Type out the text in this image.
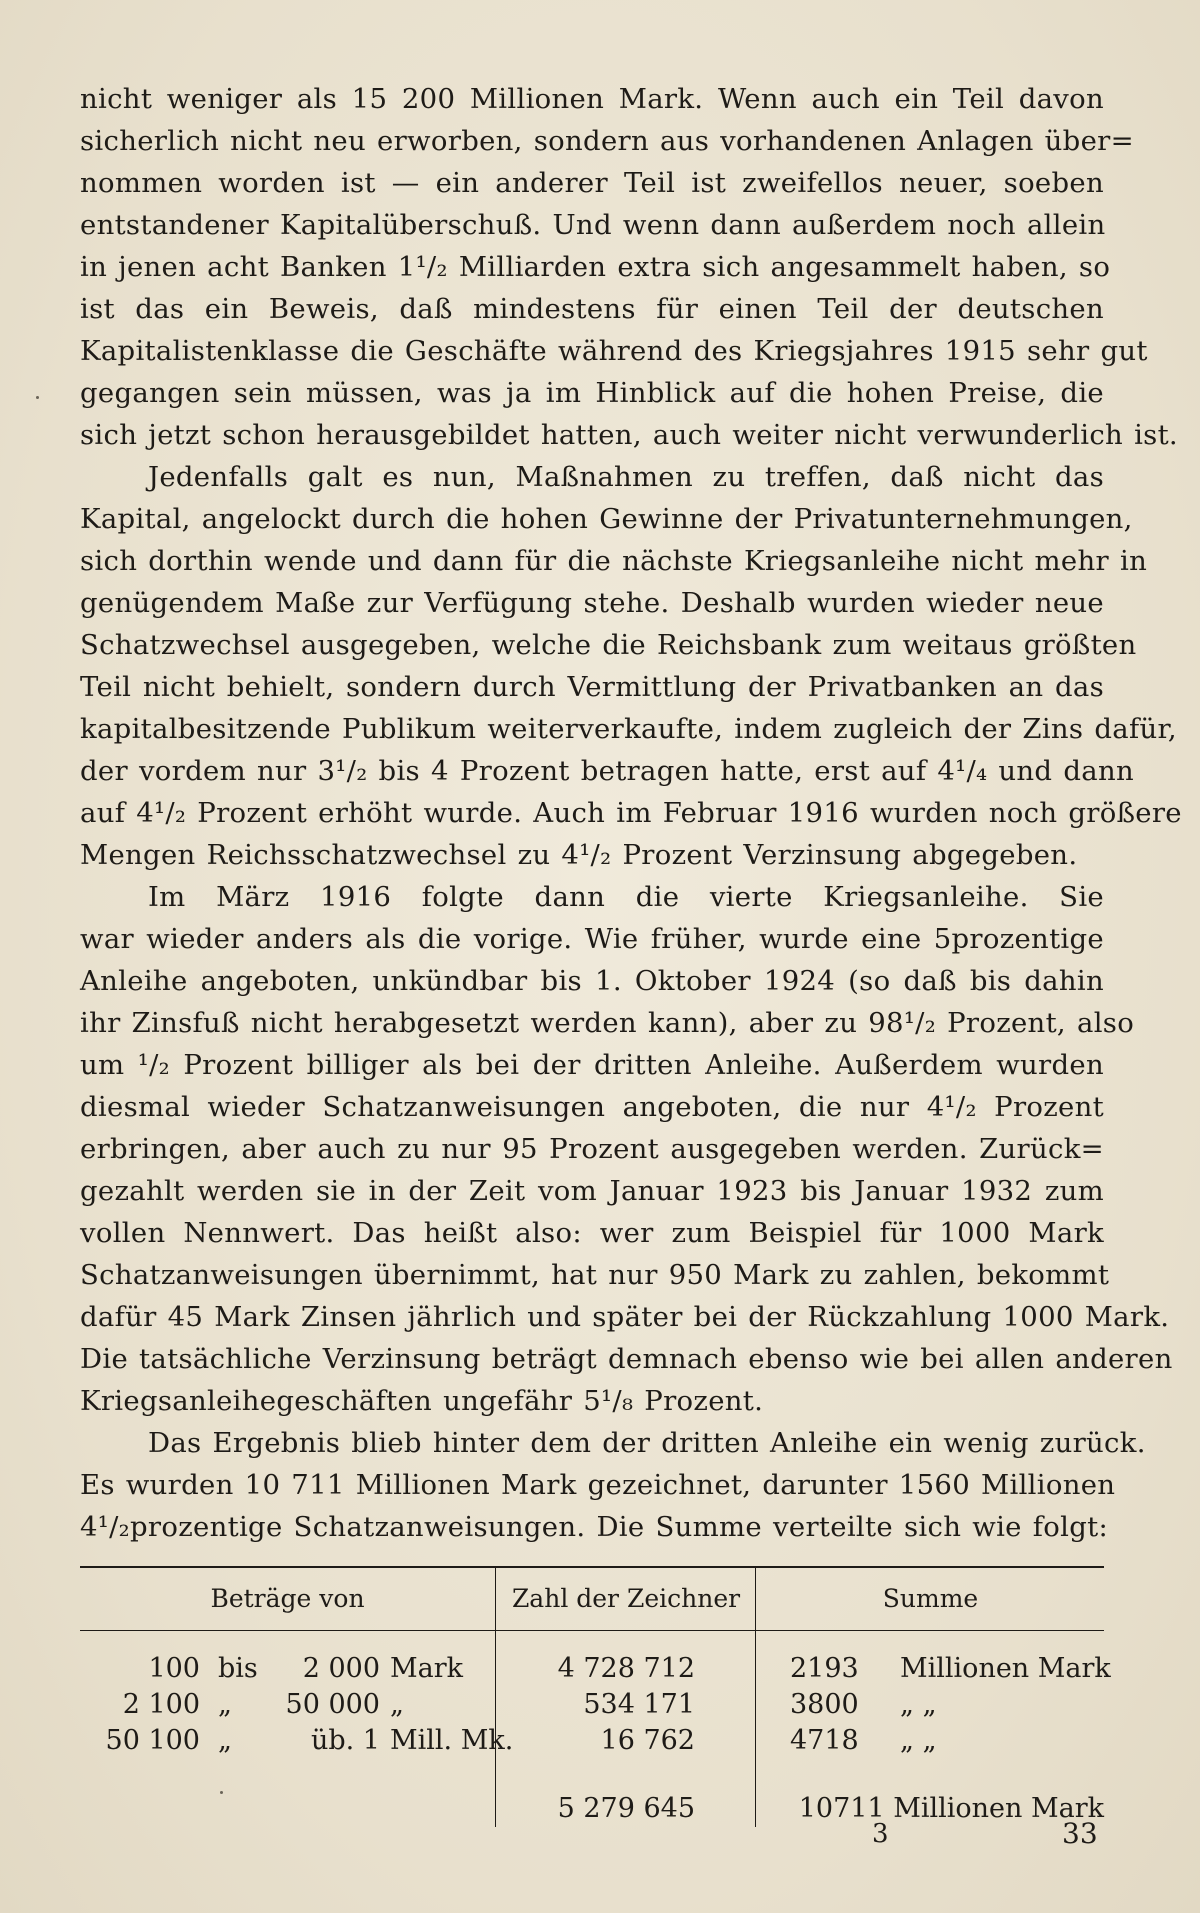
nicht weniger als 15 200 Millionen Mark. Wenn auch ein Teil davon
sicherlich nicht neu erworben, sondern aus vorhandenen Anlagen über=
nommen worden ist — ein anderer Teil ist zweifellos neuer, soeben
entstandener Kapitalüberschuß. Und wenn dann außerdem noch allein
in jenen acht Banken 1¹/₂ Milliarden extra sich angesammelt haben, so
ist das ein Beweis, daß mindestens für einen Teil der deutschen
Kapitalistenklasse die Geschäfte während des Kriegsjahres 1915 sehr gut
gegangen sein müssen, was ja im Hinblick auf die hohen Preise, die
sich jetzt schon herausgebildet hatten, auch weiter nicht verwunderlich ist.
Jedenfalls galt es nun, Maßnahmen zu treffen, daß nicht das
Kapital, angelockt durch die hohen Gewinne der Privatunternehmungen,
sich dorthin wende und dann für die nächste Kriegsanleihe nicht mehr in
genügendem Maße zur Verfügung stehe. Deshalb wurden wieder neue
Schatzwechsel ausgegeben, welche die Reichsbank zum weitaus größten
Teil nicht behielt, sondern durch Vermittlung der Privatbanken an das
kapitalbesitzende Publikum weiterverkaufte, indem zugleich der Zins dafür,
der vordem nur 3¹/₂ bis 4 Prozent betragen hatte, erst auf 4¹/₄ und dann
auf 4¹/₂ Prozent erhöht wurde. Auch im Februar 1916 wurden noch größere
Mengen Reichsschatzwechsel zu 4¹/₂ Prozent Verzinsung abgegeben.
Im März 1916 folgte dann die vierte Kriegsanleihe. Sie
war wieder anders als die vorige. Wie früher, wurde eine 5prozentige
Anleihe angeboten, unkündbar bis 1. Oktober 1924 (so daß bis dahin
ihr Zinsfuß nicht herabgesetzt werden kann), aber zu 98¹/₂ Prozent, also
um ¹/₂ Prozent billiger als bei der dritten Anleihe. Außerdem wurden
diesmal wieder Schatzanweisungen angeboten, die nur 4¹/₂ Prozent
erbringen, aber auch zu nur 95 Prozent ausgegeben werden. Zurück=
gezahlt werden sie in der Zeit vom Januar 1923 bis Januar 1932 zum
vollen Nennwert. Das heißt also: wer zum Beispiel für 1000 Mark
Schatzanweisungen übernimmt, hat nur 950 Mark zu zahlen, bekommt
dafür 45 Mark Zinsen jährlich und später bei der Rückzahlung 1000 Mark.
Die tatsächliche Verzinsung beträgt demnach ebenso wie bei allen anderen
Kriegsanleihegeschäften ungefähr 5¹/₈ Prozent.
Das Ergebnis blieb hinter dem der dritten Anleihe ein wenig zurück.
Es wurden 10 711 Millionen Mark gezeichnet, darunter 1560 Millionen
4¹/₂prozentige Schatzanweisungen. Die Summe verteilte sich wie folgt:
Beträge von	Zahl der Zeichner	Summe
100 bis	2 000 Mark	4 728 712	2193	Millionen Mark
2 100 „	50 000 „	534 171	3800	„ „
50 100 „	üb. 1 Mill. Mk.	16 762	4718	„ „
5 279 645	10711 Millionen Mark
3	33
